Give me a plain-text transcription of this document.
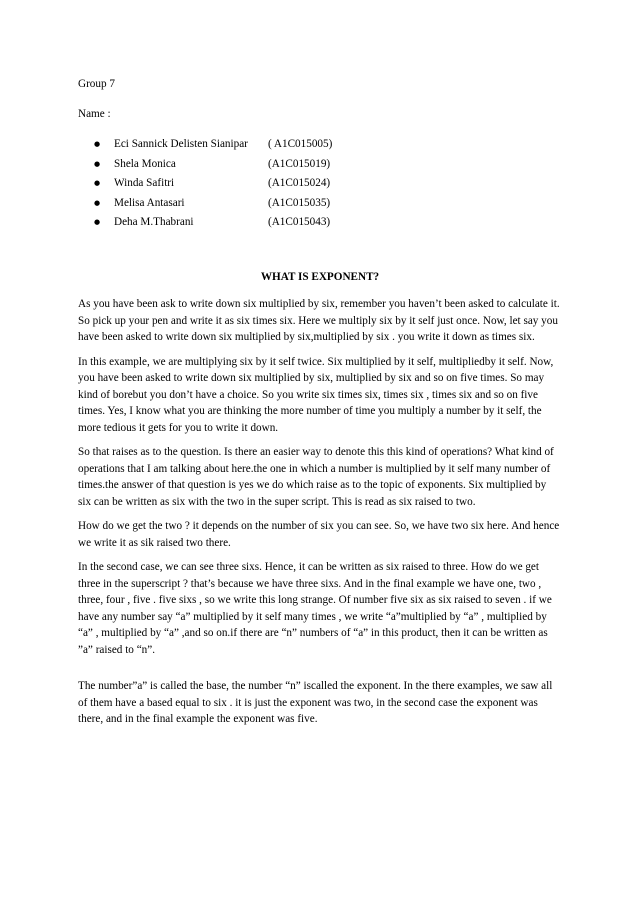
Group 7

Name :

●	Eci Sannick Delisten Sianipar	( A1C015005)
●	Shela Monica	(A1C015019)
●	Winda Safitri	(A1C015024)
●	Melisa Antasari	(A1C015035)
●	Deha M.Thabrani	(A1C015043)
WHAT IS EXPONENT?

As you have been ask to write down six multiplied by six, remember you haven’t been asked to calculate it. So pick up your pen and write it as six times six. Here we multiply six by it self just once. Now, let say you have been asked to write down six multiplied by six,multiplied by six . you write it down as times six.

In this example, we are multiplying six by it self twice. Six multiplied by it self, multipliedby it self. Now, you have been asked to write down six multiplied by six, multiplied by six and so on five times. So may kind of borebut you don’t have a choice. So you write six times six, times six , times six and so on five times. Yes, I know what you are thinking the more number of time you multiply a number by it self, the more tedious it gets for you to write it down.

So that raises as to the question. Is there an easier way to denote this this kind of operations? What kind of operations that I am talking about here.the one in which a number is multiplied by it self many number of times.the answer of that question is yes we do which raise as to the topic of exponents. Six multiplied by six can be written as six with the two in the super script. This is read as six raised to two.

How do we get the two ? it depends on the number of six you can see. So, we have two six here. And hence we write it as sik raised two there.

In the second case, we can see three sixs. Hence, it can be written as six raised to three. How do we get three in the superscript ? that’s because we have three sixs. And in the final example we have one, two , three, four , five . five sixs , so we write this long strange. Of number five six as six raised to seven . if we have any number say “a” multiplied by it self many times , we write “a”multiplied by “a” , multiplied by “a” , multiplied by “a” ,and so on.if there are “n” numbers of “a” in this product, then it can be written as ”a” raised to “n”.

The number”a” is called the base, the number “n” iscalled the exponent. In the there examples, we saw all of them have a based equal to six . it is just the exponent was two, in the second case the exponent was there, and in the final example the exponent was five.
